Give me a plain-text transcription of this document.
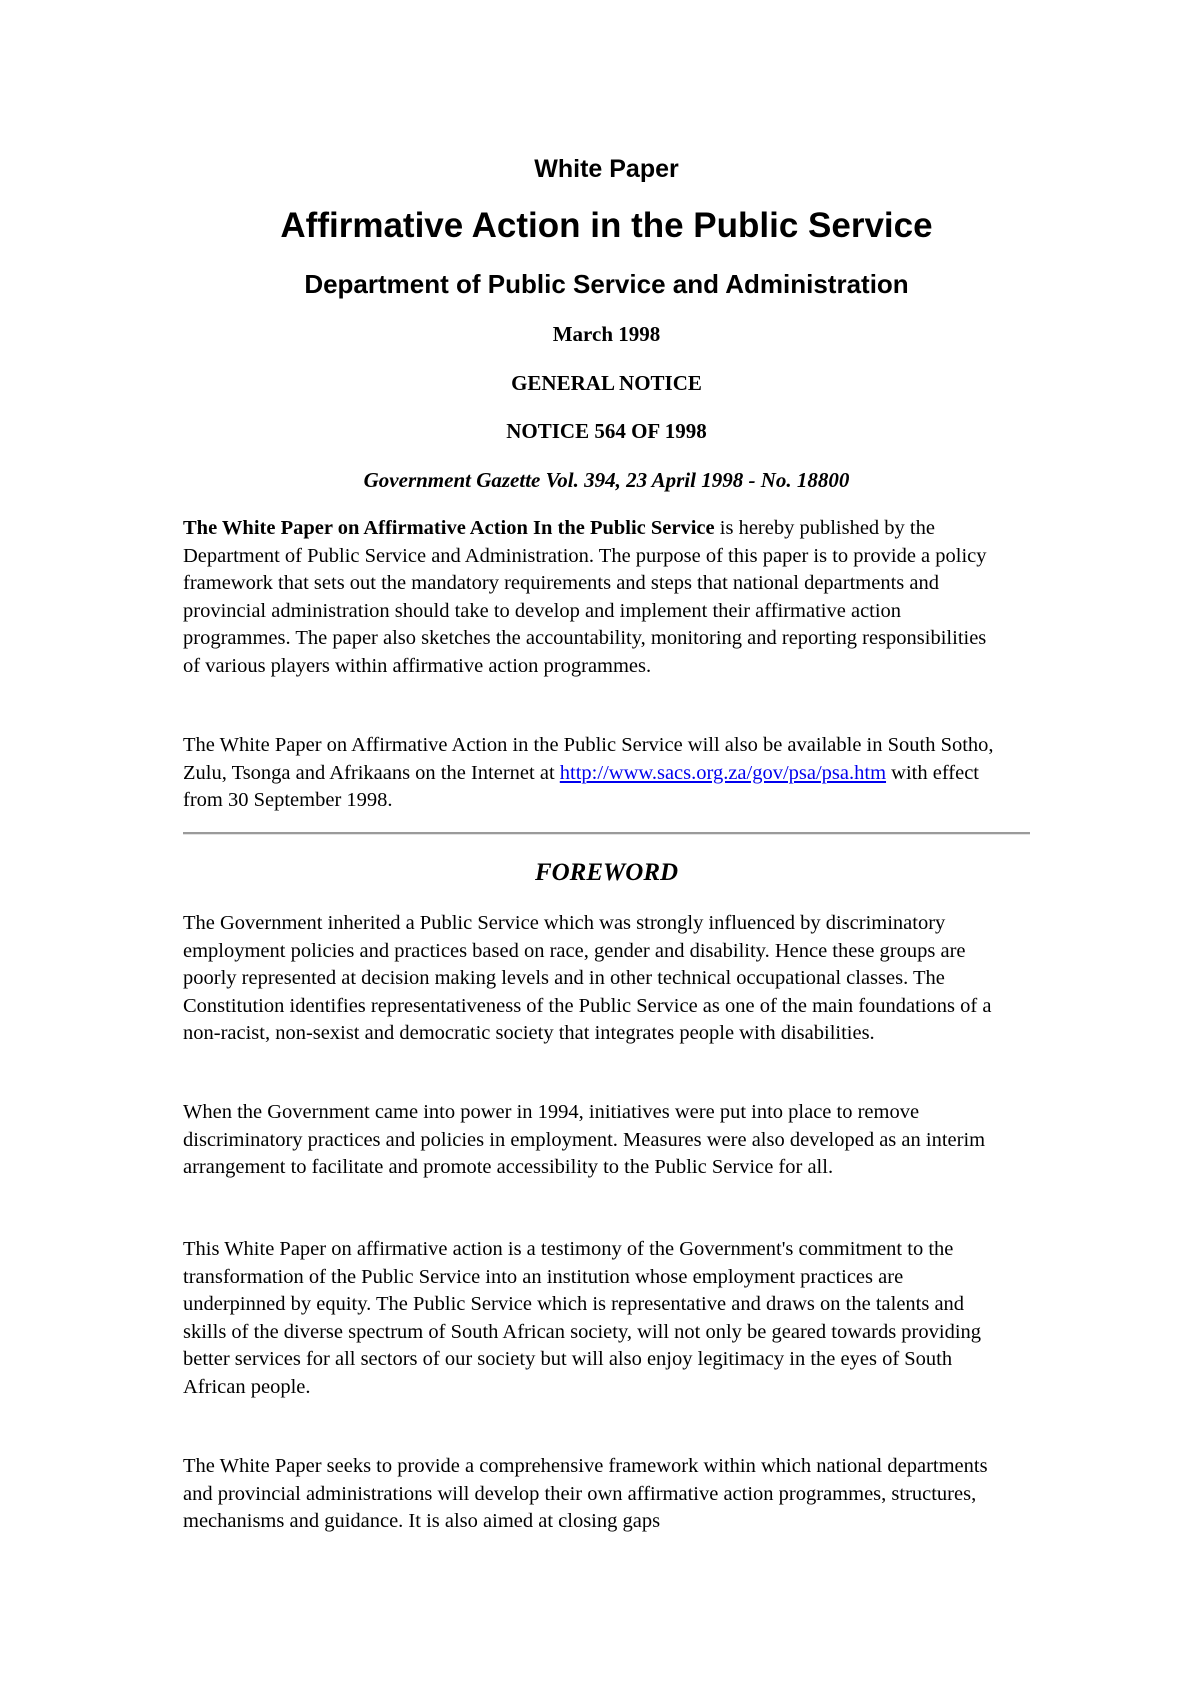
White Paper
Affirmative Action in the Public Service
Department of Public Service and Administration

March 1998

GENERAL NOTICE

NOTICE 564 OF 1998

Government Gazette Vol. 394, 23 April 1998 - No. 18800

The White Paper on Affirmative Action In the Public Service is hereby published by the Department of Public Service and Administration. The purpose of this paper is to provide a policy framework that sets out the mandatory requirements and steps that national departments and provincial administration should take to develop and implement their affirmative action programmes. The paper also sketches the accountability, monitoring and reporting responsibilities of various players within affirmative action programmes.

The White Paper on Affirmative Action in the Public Service will also be available in South Sotho, Zulu, Tsonga and Afrikaans on the Internet at http://www.sacs.org.za/gov/psa/psa.htm with effect from 30 September 1998.

FOREWORD

The Government inherited a Public Service which was strongly influenced by discriminatory employment policies and practices based on race, gender and disability. Hence these groups are poorly represented at decision making levels and in other technical occupational classes. The Constitution identifies representativeness of the Public Service as one of the main foundations of a non-racist, non-sexist and democratic society that integrates people with disabilities.

When the Government came into power in 1994, initiatives were put into place to remove discriminatory practices and policies in employment. Measures were also developed as an interim arrangement to facilitate and promote accessibility to the Public Service for all.

This White Paper on affirmative action is a testimony of the Government's commitment to the transformation of the Public Service into an institution whose employment practices are underpinned by equity. The Public Service which is representative and draws on the talents and skills of the diverse spectrum of South African society, will not only be geared towards providing better services for all sectors of our society but will also enjoy legitimacy in the eyes of South African people.

The White Paper seeks to provide a comprehensive framework within which national departments and provincial administrations will develop their own affirmative action programmes, structures, mechanisms and guidance. It is also aimed at closing gaps
